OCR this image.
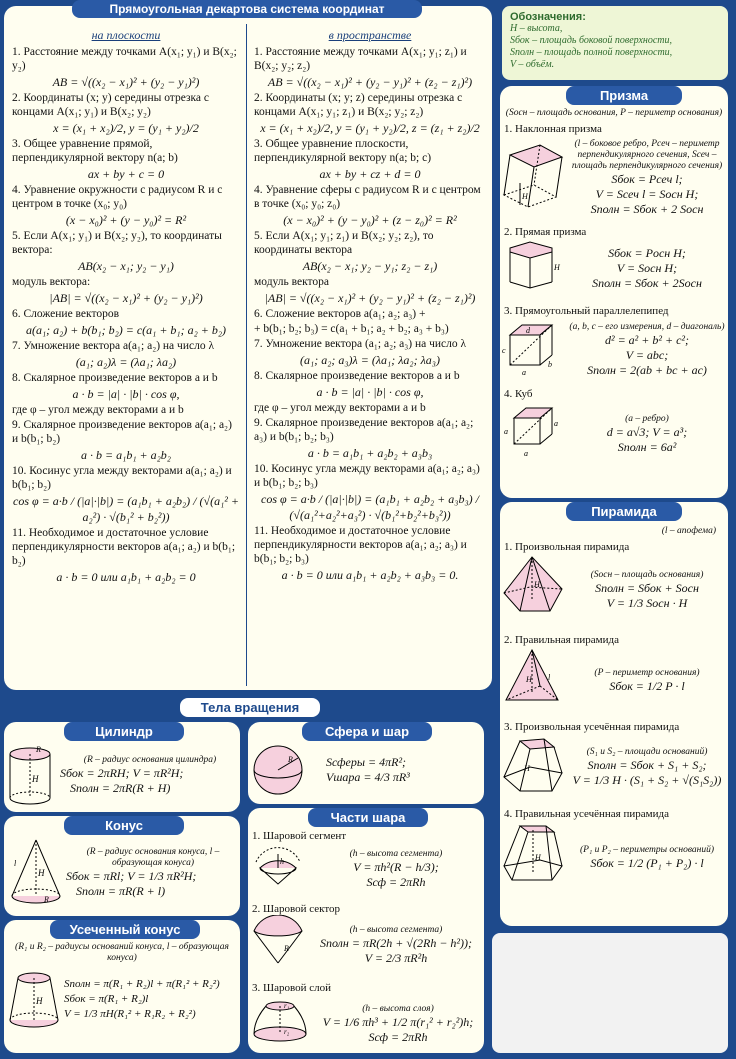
на плоскости
1. Расстояние между точками A(x₁; y₁) и B(x₂; y₂)
AB = √((x₂ − x₁)² + (y₂ − y₁)²)
2. Координаты (x; y) середины отрезка с концами A(x₁; y₁) и B(x₂; y₂)
x = (x₁ + x₂)/2, y = (y₁ + y₂)/2
3. Общее уравнение прямой, перпендикулярной вектору n(a; b)
ax + by + c = 0
4. Уравнение окружности с радиусом R и с центром в точке (x₀; y₀)
(x − x₀)² + (y − y₀)² = R²
5. Если A(x₁; y₁) и B(x₂; y₂), то координаты вектора:
AB(x₂ − x₁; y₂ − y₁)
модуль вектора:
|AB| = √((x₂ − x₁)² + (y₂ − y₁)²)
6. Сложение векторов
a(a₁; a₂) + b(b₁; b₂) = c(a₁ + b₁; a₂ + b₂)
7. Умножение вектора a(a₁; a₂) на число λ
(a₁; a₂)λ = (λa₁; λa₂)
8. Скалярное произведение векторов a и b
a · b = |a| · |b| · cos φ,
где φ – угол между векторами a и b
9. Скалярное произведение векторов a(a₁; a₂) и b(b₁; b₂)
a · b = a₁b₁ + a₂b₂
10. Косинус угла между векторами a(a₁; a₂) и b(b₁; b₂)
cos φ = a·b / (|a|·|b|) = (a₁b₁ + a₂b₂) / (√(a₁² + a₂²) · √(b₁² + b₂²))
11. Необходимое и достаточное условие перпендикулярности векторов a(a₁; a₂) и b(b₁; b₂)
a · b = 0 или a₁b₁ + a₂b₂ = 0
в пространстве
1. Расстояние между точками A(x₁; y₁; z₁) и B(x₂; y₂; z₂)
AB = √((x₂ − x₁)² + (y₂ − y₁)² + (z₂ − z₁)²)
2. Координаты (x; y; z) середины отрезка с концами A(x₁; y₁; z₁) и B(x₂; y₂; z₂)
x = (x₁ + x₂)/2, y = (y₁ + y₂)/2, z = (z₁ + z₂)/2
3. Общее уравнение плоскости, перпендикулярной вектору n(a; b; c)
ax + by + cz + d = 0
4. Уравнение сферы с радиусом R и с центром в точке (x₀; y₀; z₀)
(x − x₀)² + (y − y₀)² + (z − z₀)² = R²
5. Если A(x₁; y₁; z₁) и B(x₂; y₂; z₂), то координаты вектора
AB(x₂ − x₁; y₂ − y₁; z₂ − z₁)
модуль вектора
|AB| = √((x₂ − x₁)² + (y₂ − y₁)² + (z₂ − z₁)²)
6. Сложение векторов a(a₁; a₂; a₃) +
+ b(b₁; b₂; b₃) = c(a₁ + b₁; a₂ + b₂; a₃ + b₃)
7. Умножение вектора (a₁; a₂; a₃) на число λ
(a₁; a₂; a₃)λ = (λa₁; λa₂; λa₃)
8. Скалярное произведение векторов a и b
a · b = |a| · |b| · cos φ,
где φ – угол между векторами a и b
9. Скалярное произведение векторов a(a₁; a₂; a₃) и b(b₁; b₂; b₃)
a · b = a₁b₁ + a₂b₂ + a₃b₃
10. Косинус угла между векторами a(a₁; a₂; a₃) и b(b₁; b₂; b₃)
cos φ = a·b / (|a|·|b|) = (a₁b₁ + a₂b₂ + a₃b₃) / (√(a₁²+a₂²+a₃²) · √(b₁²+b₂²+b₃²))
11. Необходимое и достаточное условие перпендикулярности векторов a(a₁; a₂; a₃) и b(b₁; b₂; b₃)
a · b = 0 или a₁b₁ + a₂b₂ + a₃b₃ = 0.
Прямоугольная декартова система координат
Обозначения:
H – высота,
Sбок – площадь боковой поверхности,
Sполн – площадь полной поверхности,
V – объём.
(Sосн – площадь основания, P – периметр основания)
1. Наклонная призма
H
(l – боковое ребро, Pсеч – периметр перпендикулярного сечения, Sсеч – площадь перпендикулярного сечения)
Sбок = Pсеч l;
V = Sсеч l = Sосн H;
Sполн = Sбок + 2 Sосн
2. Прямая призма
H
Sбок = Pосн H;
V = Sосн H;
Sполн = Sбок + 2Sосн
3. Прямоугольный параллелепипед
d
c
a
b
(a, b, c – его измерения, d – диагональ)
d² = a² + b² + c²;
V = abc;
Sполн = 2(ab + bc + ac)
4. Куб
a
a
a	(a – ребро)
d = a√3; V = a³;
Sполн = 6a²
Призма
(l – апофема)
1. Произвольная пирамида
H
(Sосн – площадь основания)
Sполн = Sбок + Sосн
V = 1/3 Sосн · H
2. Правильная пирамида
H l	(P – периметр основания)
Sбок = 1/2 P · l
3. Произвольная усечённая пирамида
H
(S₁ и S₂ – площади оснований)
Sполн = Sбок + S₁ + S₂;
V = 1/3 H · (S₁ + S₂ + √(S₁S₂))
4. Правильная усечённая пирамида
H
(P₁ и P₂ – периметры оснований)
Sбок = 1/2 (P₁ + P₂) · l
Пирамида
Тела вращения
H
R
(R – радиус основания цилиндра)
Sбок = 2πRH; V = πR²H;
Sполн = 2πR(R + H)
Цилиндр
H
R
l
(R – радиус основания конуса, l – образующая конуса)
Sбок = πRl; V = 1/3 πR²H;
Sполн = πR(R + l)
Конус
(R₁ и R₂ – радиусы оснований конуса, l – образующая конуса)
H
Sполн = π(R₁ + R₂)l + π(R₁² + R₂²)
Sбок = π(R₁ + R₂)l
V = 1/3 πH(R₁² + R₁R₂ + R₂²)
Усеченный конус
R	Sсферы = 4πR²;
Vшара = 4/3 πR³
Сфера и шар
1. Шаровой сегмент
h
(h – высота сегмента)
V = πh²(R − h/3);
Sсф = 2πRh
2. Шаровой сектор
R
(h – высота сегмента)
Sполн = πR(2h + √(2Rh − h²));
V = 2/3 πR²h
3. Шаровой слой
r₁
r₂
(h – высота слоя)
V = 1/6 πh³ + 1/2 π(r₁² + r₂²)h;
Sсф = 2πRh
Части шара
